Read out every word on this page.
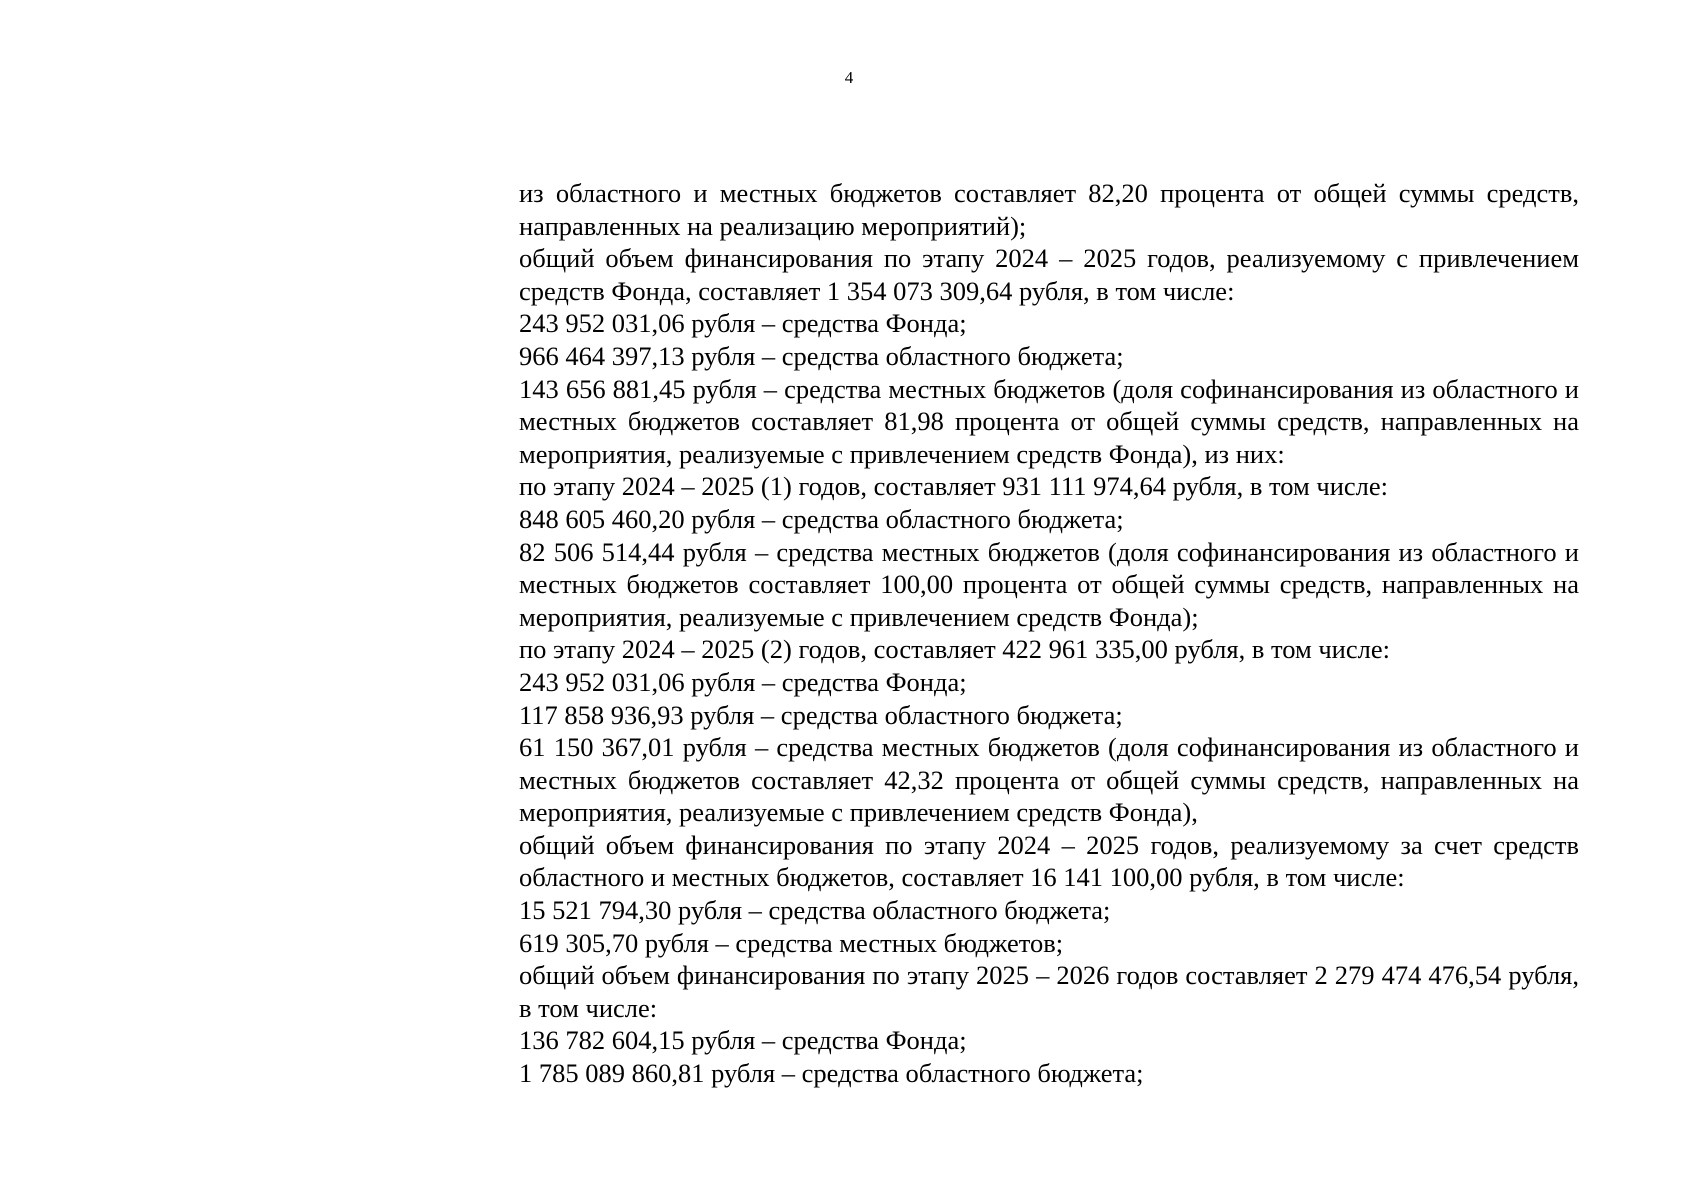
4

из областного и местных бюджетов составляет 82,20 процента от общей суммы средств, направленных на реализацию мероприятий);

общий объем финансирования по этапу 2024 – 2025 годов, реализуемому с привлечением средств Фонда, составляет 1 354 073 309,64 рубля, в том числе:

243 952 031,06 рубля – средства Фонда;

966 464 397,13 рубля – средства областного бюджета;

143 656 881,45 рубля – средства местных бюджетов (доля софинансирования из областного и местных бюджетов составляет 81,98 процента от общей суммы средств, направленных на мероприятия, реализуемые с привлечением средств Фонда), из них:

по этапу 2024 – 2025 (1) годов, составляет 931 111 974,64 рубля, в том числе:

848 605 460,20 рубля – средства областного бюджета;

82 506 514,44 рубля – средства местных бюджетов (доля софинансирования из областного и местных бюджетов составляет 100,00 процента от общей суммы средств, направленных на мероприятия, реализуемые с привлечением средств Фонда);

по этапу 2024 – 2025 (2) годов, составляет 422 961 335,00 рубля, в том числе:

243 952 031,06 рубля – средства Фонда;

117 858 936,93 рубля – средства областного бюджета;

61 150 367,01 рубля – средства местных бюджетов (доля софинансирования из областного и местных бюджетов составляет 42,32 процента от общей суммы средств, направленных на мероприятия, реализуемые с привлечением средств Фонда),

общий объем финансирования по этапу 2024 – 2025 годов, реализуемому за счет средств областного и местных бюджетов, составляет 16 141 100,00 рубля, в том числе:

15 521 794,30 рубля – средства областного бюджета;

619 305,70 рубля – средства местных бюджетов;

общий объем финансирования по этапу 2025 – 2026 годов составляет 2 279 474 476,54 рубля, в том числе:

136 782 604,15 рубля – средства Фонда;

1 785 089 860,81 рубля – средства областного бюджета;
